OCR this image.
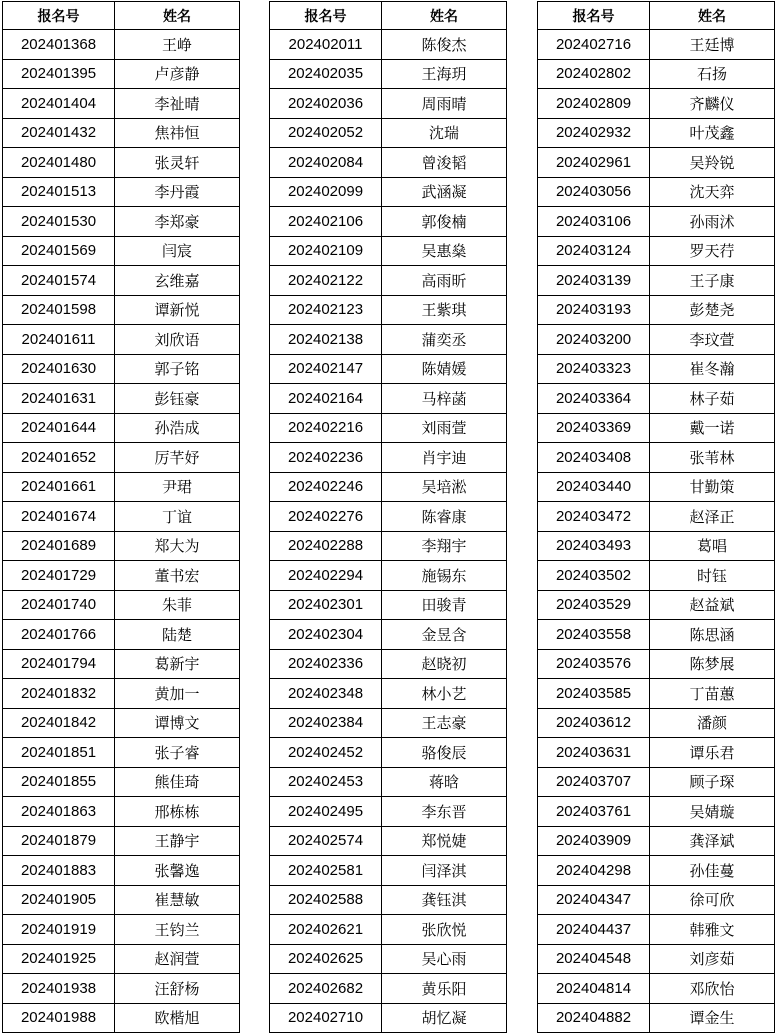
报名号	姓名
202401368	王峥
202401395	卢彦静
202401404	李祉晴
202401432	焦祎恒
202401480	张灵轩
202401513	李丹霞
202401530	李郑豪
202401569	闫宸
202401574	玄维嘉
202401598	谭新悦
202401611	刘欣语
202401630	郭子铭
202401631	彭钰豪
202401644	孙浩成
202401652	厉芊妤
202401661	尹珺
202401674	丁谊
202401689	郑大为
202401729	董书宏
202401740	朱菲
202401766	陆楚
202401794	葛新宇
202401832	黄加一
202401842	谭博文
202401851	张子睿
202401855	熊佳琦
202401863	邢栋栋
202401879	王静宇
202401883	张馨逸
202401905	崔慧敏
202401919	王钧兰
202401925	赵润萱
202401938	汪舒杨
202401988	欧楷旭
报名号	姓名
202402011	陈俊杰
202402035	王海玥
202402036	周雨晴
202402052	沈瑞
202402084	曾浚韬
202402099	武涵凝
202402106	郭俊楠
202402109	吴惠燊
202402122	高雨昕
202402123	王紫琪
202402138	蒲奕丞
202402147	陈婧媛
202402164	马梓菡
202402216	刘雨萱
202402236	肖宇迪
202402246	吴培淞
202402276	陈睿康
202402288	李翔宇
202402294	施锡东
202402301	田骏青
202402304	金昱含
202402336	赵晓初
202402348	林小艺
202402384	王志豪
202402452	骆俊辰
202402453	蒋晗
202402495	李东晋
202402574	郑悦婕
202402581	闫泽淇
202402588	龚钰淇
202402621	张欣悦
202402625	吴心雨
202402682	黄乐阳
202402710	胡忆凝
报名号	姓名
202402716	王廷博
202402802	石扬
202402809	齐麟仪
202402932	叶茂鑫
202402961	吴羚锐
202403056	沈天弈
202403106	孙雨沭
202403124	罗天荇
202403139	王子康
202403193	彭楚尧
202403200	李玟萱
202403323	崔冬瀚
202403364	林子茹
202403369	戴一诺
202403408	张苇林
202403440	甘勤策
202403472	赵泽正
202403493	葛唱
202403502	时钰
202403529	赵益斌
202403558	陈思涵
202403576	陈梦展
202403585	丁苗蕙
202403612	潘颜
202403631	谭乐君
202403707	顾子琛
202403761	吴婧璇
202403909	龚泽斌
202404298	孙佳蔓
202404347	徐可欣
202404437	韩雅文
202404548	刘彦茹
202404814	邓欣怡
202404882	谭金生
